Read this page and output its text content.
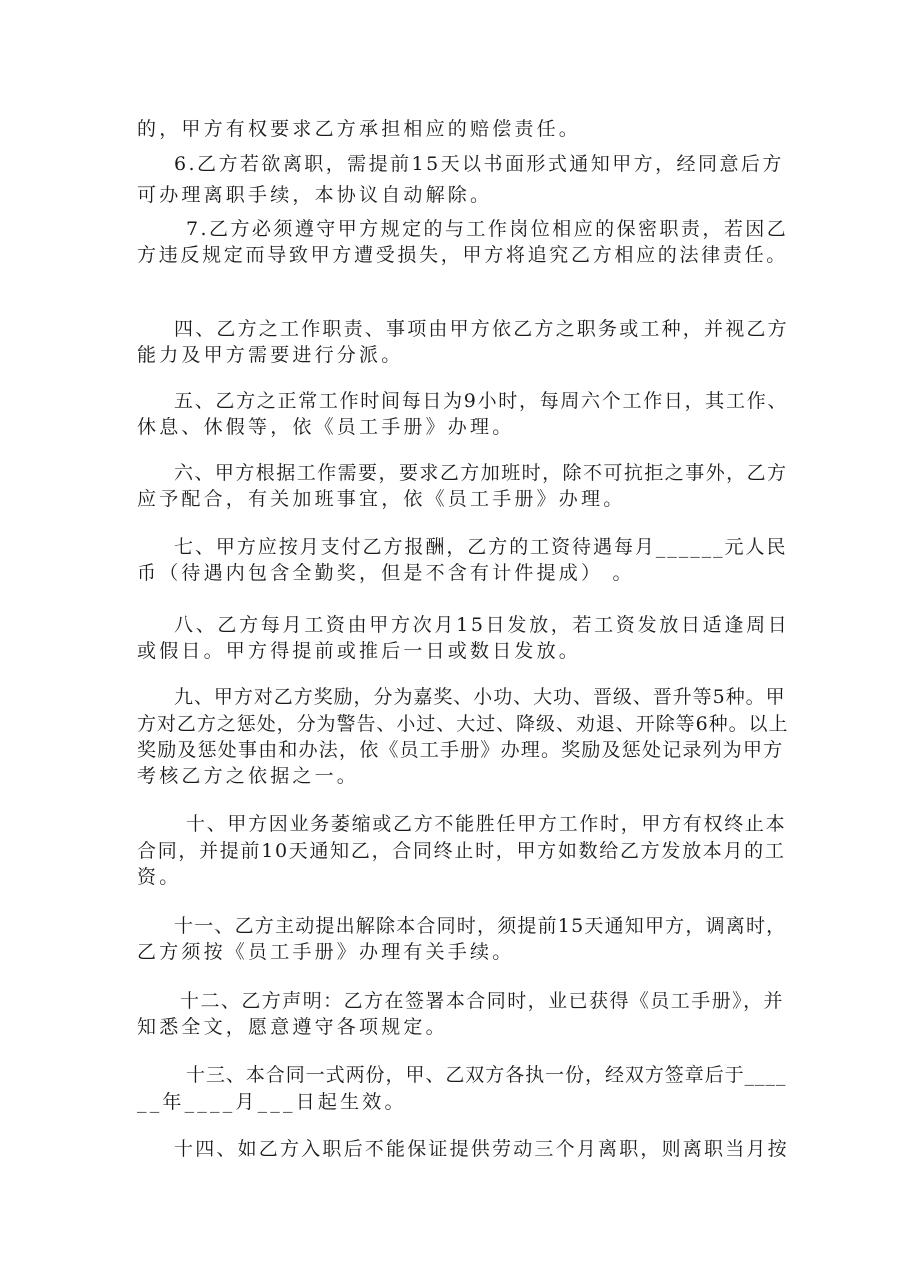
的，甲方有权要求乙方承担相应的赔偿责任。
6.乙方若欲离职，需提前15天以书面形式通知甲方，经同意后方
可办理离职手续，本协议自动解除。
7.乙方必须遵守甲方规定的与工作岗位相应的保密职责，若因乙
方违反规定而导致甲方遭受损失，甲方将追究乙方相应的法律责任。
四、乙方之工作职责、事项由甲方依乙方之职务或工种，并视乙方
能力及甲方需要进行分派。
五、乙方之正常工作时间每日为9小时，每周六个工作日，其工作、
休息、休假等，依《员工手册》办理。
六、甲方根据工作需要，要求乙方加班时，除不可抗拒之事外，乙方
应予配合，有关加班事宜，依《员工手册》办理。
七、甲方应按月支付乙方报酬，乙方的工资待遇每月______元人民
币（待遇内包含全勤奖，但是不含有计件提成） 。
八、乙方每月工资由甲方次月15日发放，若工资发放日适逢周日
或假日。甲方得提前或推后一日或数日发放。
九、甲方对乙方奖励，分为嘉奖、小功、大功、晋级、晋升等5种。甲
方对乙方之惩处，分为警告、小过、大过、降级、劝退、开除等6种。以上
奖励及惩处事由和办法，依《员工手册》办理。奖励及惩处记录列为甲方
考核乙方之依据之一。
十、甲方因业务萎缩或乙方不能胜任甲方工作时，甲方有权终止本
合同，并提前10天通知乙，合同终止时，甲方如数给乙方发放本月的工
资。
十一、乙方主动提出解除本合同时，须提前15天通知甲方，调离时，
乙方须按《员工手册》办理有关手续。
十二、乙方声明：乙方在签署本合同时，业已获得《员工手册》，并
知悉全文，愿意遵守各项规定。
十三、本合同一式两份，甲、乙双方各执一份，经双方签章后于____
__年____月___日起生效。
十四、如乙方入职后不能保证提供劳动三个月离职，则离职当月按
